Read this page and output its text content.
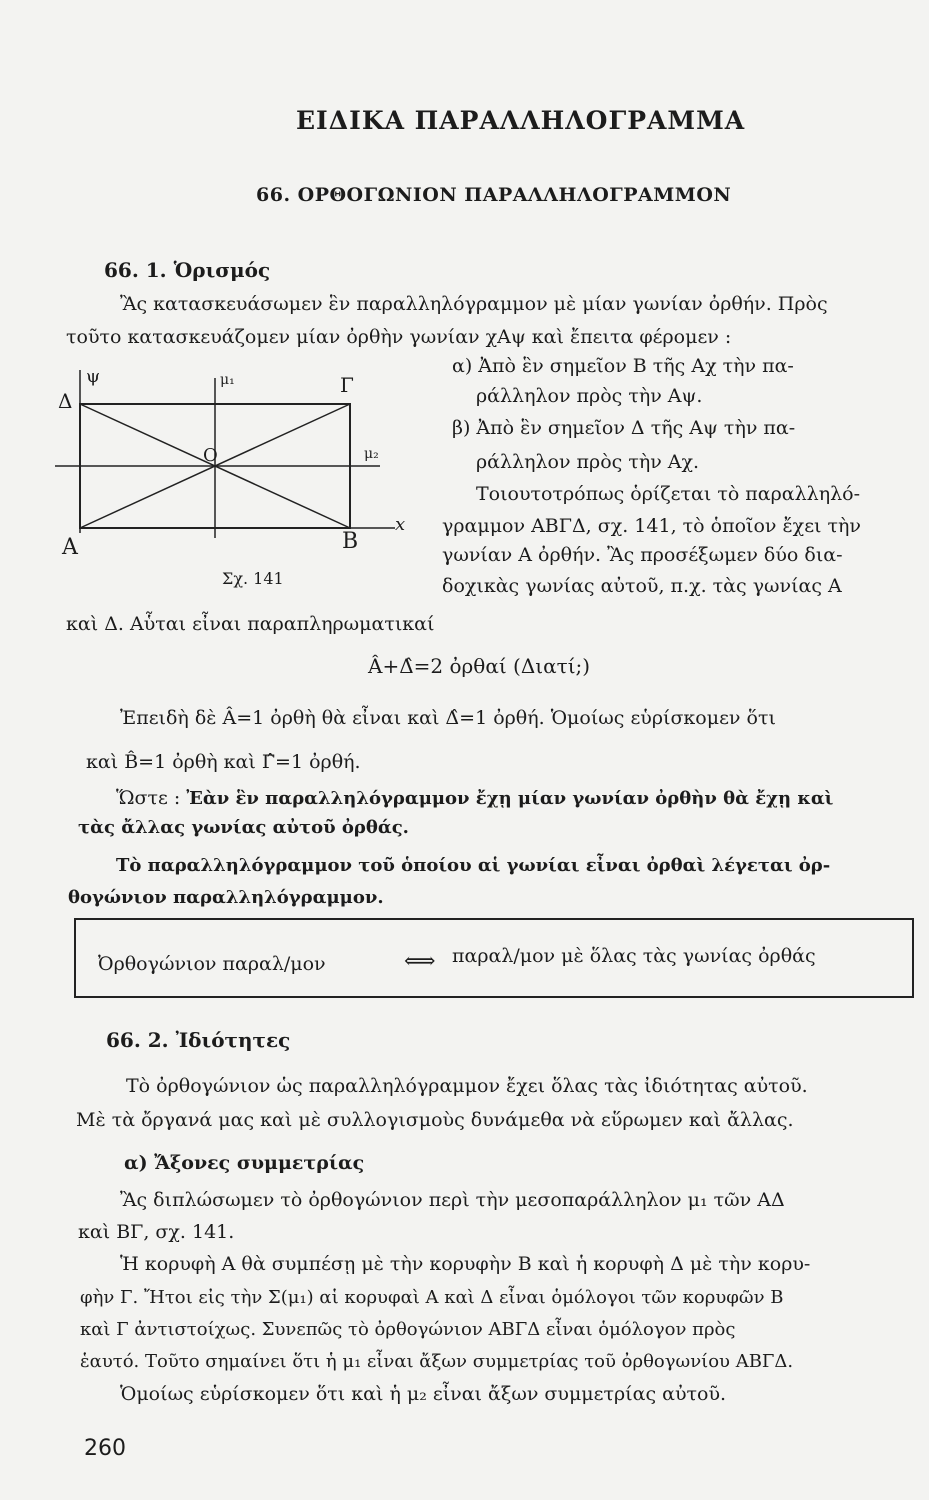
ΕΙΔΙΚΑ ΠΑΡΑΛΛΗΛΟΓΡΑΜΜΑ
66. ΟΡΘΟΓΩΝΙΟΝ ΠΑΡΑΛΛΗΛΟΓΡΑΜΜΟΝ
66. 1. Ὁρισμός
Ἂς κατασκευάσωμεν ἓν παραλληλόγραμμον μὲ μίαν γωνίαν ὀρθήν. Πρὸς
τοῦτο κατασκευάζομεν μίαν ὀρθὴν γωνίαν χΑψ καὶ ἔπειτα φέρομεν :
Δ
ψ	μ₁	Γ
Ο	μ₂
Α	Β
x
Σχ. 141
α) Ἀπὸ ἓν σημεῖον Β τῆς Αχ τὴν πα-
ράλληλον πρὸς τὴν Αψ.
β) Ἀπὸ ἓν σημεῖον Δ τῆς Αψ τὴν πα-
ράλληλον πρὸς τὴν Αχ.
Τοιουτοτρόπως ὁρίζεται τὸ παραλληλό-
γραμμον ΑΒΓΔ, σχ. 141, τὸ ὁποῖον ἔχει τὴν
γωνίαν Α ὀρθήν. Ἂς προσέξωμεν δύο δια-
δοχικὰς γωνίας αὐτοῦ, π.χ. τὰς γωνίας Α
καὶ Δ. Αὗται εἶναι παραπληρωματικαί
Â+Δ̂=2 ὀρθαί (Διατί;)
Ἐπειδὴ δὲ Â=1 ὀρθὴ θὰ εἶναι καὶ Δ̂=1 ὀρθή. Ὁμοίως εὑρίσκομεν ὅτι
καὶ B̂=1 ὀρθὴ καὶ Γ̂=1 ὀρθή.
Ὥστε : Ἐὰν ἓν παραλληλόγραμμον ἔχῃ μίαν γωνίαν ὀρθὴν θὰ ἔχῃ καὶ
τὰς ἄλλας γωνίας αὐτοῦ ὀρθάς.
Τὸ παραλληλόγραμμον τοῦ ὁποίου αἱ γωνίαι εἶναι ὀρθαὶ λέγεται ὀρ-
θογώνιον παραλληλόγραμμον.
Ὀρθογώνιον παραλ/μον	⟺ παραλ/μον μὲ ὅλας τὰς γωνίας ὀρθάς
66. 2. Ἰδιότητες
Τὸ ὀρθογώνιον ὡς παραλληλόγραμμον ἔχει ὅλας τὰς ἰδιότητας αὐτοῦ.
Μὲ τὰ ὄργανά μας καὶ μὲ συλλογισμοὺς δυνάμεθα νὰ εὕρωμεν καὶ ἄλλας.
α) Ἄξονες συμμετρίας
Ἂς διπλώσωμεν τὸ ὀρθογώνιον περὶ τὴν μεσοπαράλληλον μ₁ τῶν ΑΔ
καὶ ΒΓ, σχ. 141.
Ἡ κορυφὴ Α θὰ συμπέσῃ μὲ τὴν κορυφὴν Β καὶ ἡ κορυφὴ Δ μὲ τὴν κορυ-
φὴν Γ. Ἤτοι εἰς τὴν Σ(μ₁) αἱ κορυφαὶ Α καὶ Δ εἶναι ὁμόλογοι τῶν κορυφῶν Β
καὶ Γ ἀντιστοίχως. Συνεπῶς τὸ ὀρθογώνιον ΑΒΓΔ εἶναι ὁμόλογον πρὸς
ἑαυτό. Τοῦτο σημαίνει ὅτι ἡ μ₁ εἶναι ἄξων συμμετρίας τοῦ ὀρθογωνίου ΑΒΓΔ.
Ὁμοίως εὑρίσκομεν ὅτι καὶ ἡ μ₂ εἶναι ἄξων συμμετρίας αὐτοῦ.
260
